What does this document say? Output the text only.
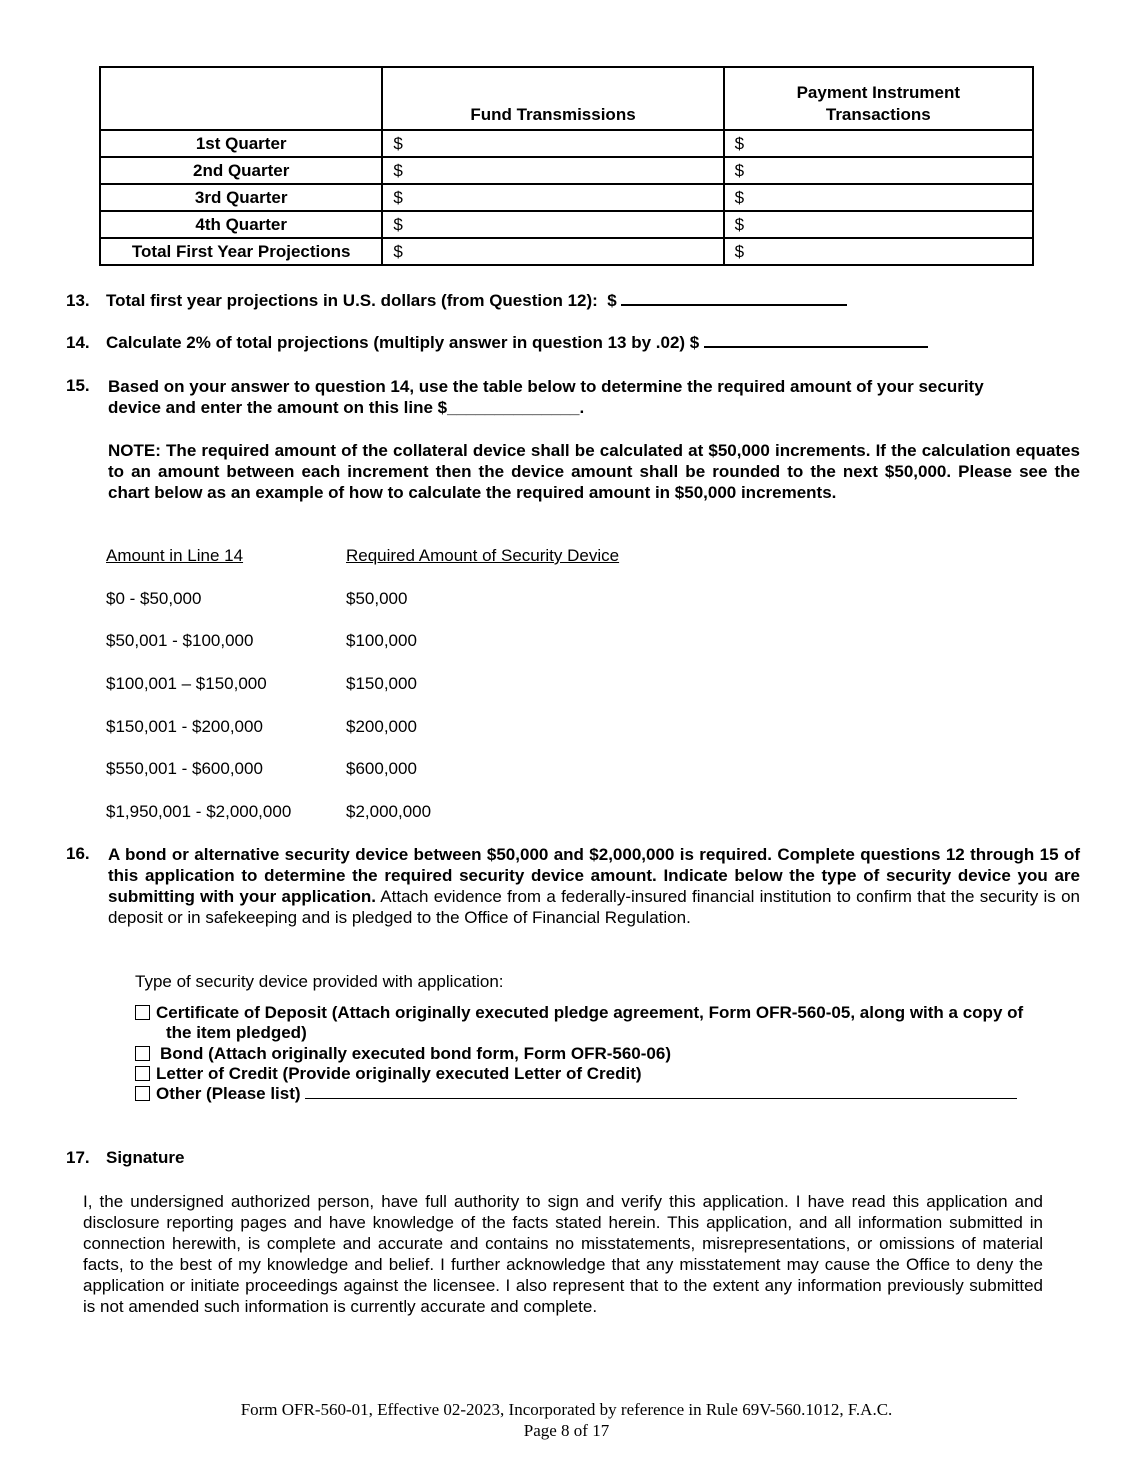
	Fund Transmissions	Payment Instrument
Transactions
1st Quarter	$	$
2nd Quarter	$	$
3rd Quarter	$	$
4th Quarter	$	$
Total First Year Projections	$	$
13. Total first year projections in U.S. dollars (from Question 12): $
14. Calculate 2% of total projections (multiply answer in question 13 by .02) $
15. Based on your answer to question 14, use the table below to determine the required amount of your security
device and enter the amount on this line $______________.
NOTE: The required amount of the collateral device shall be calculated at $50,000 increments. If the calculation equates to an amount between each increment then the device amount shall be rounded to the next $50,000. Please see the chart below as an example of how to calculate the required amount in $50,000 increments.
Amount in Line 14	Required Amount of Security Device
$0 - $50,000	$50,000
$50,001 - $100,000	$100,000
$100,001 – $150,000	$150,000
$150,001 - $200,000	$200,000
$550,001 - $600,000	$600,000
$1,950,001 - $2,000,000	$2,000,000
16. A bond or alternative security device between $50,000 and $2,000,000 is required. Complete questions 12 through 15 of this application to determine the required security device amount. Indicate below the type of security device you are submitting with your application. Attach evidence from a federally-insured financial institution to confirm that the security is on deposit or in safekeeping and is pledged to the Office of Financial Regulation.
Type of security device provided with application:
Certificate of Deposit (Attach originally executed pledge agreement, Form OFR-560-05, along with a copy of
the item pledged)
Bond (Attach originally executed bond form, Form OFR-560-06)
Letter of Credit (Provide originally executed Letter of Credit)
Other (Please list)
17. Signature
I, the undersigned authorized person, have full authority to sign and verify this application. I have read this application and disclosure reporting pages and have knowledge of the facts stated herein. This application, and all information submitted in connection herewith, is complete and accurate and contains no misstatements, misrepresentations, or omissions of material facts, to the best of my knowledge and belief. I further acknowledge that any misstatement may cause the Office to deny the application or initiate proceedings against the licensee. I also represent that to the extent any information previously submitted is not amended such information is currently accurate and complete.
Form OFR-560-01, Effective 02-2023, Incorporated by reference in Rule 69V-560.1012, F.A.C.
Page 8 of 17
